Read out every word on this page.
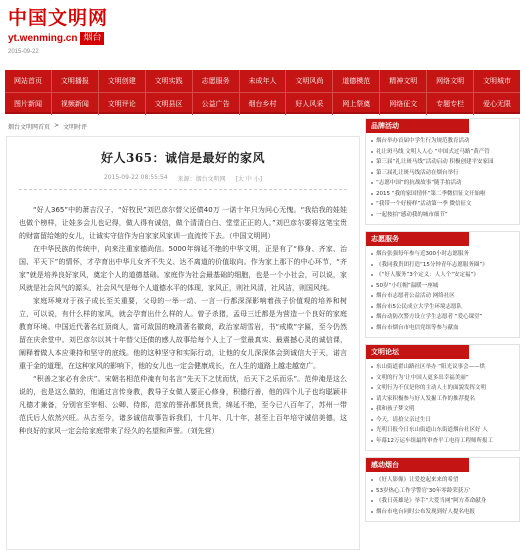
中国文明网
yt.wenming.cn 烟台
2015-09-22
网站首页	文明播报	文明创建	文明实践	志愿服务	未成年人	文明风尚	道德模范	精神文明	网络文明	文明城市
图片新闻	视频新闻	文明评论	文明县区	公益广告	烟台乡村	好人风采	网上祭奠	网络征文	专题专栏	爱心无限
烟台文明网首页 > 文明时评
好人365：诚信是最好的家风
2015-09-22 08:55:54 来源：烟台文明网 [大 中 小]

“好人365”中的萧吉汉子、“好牧民”刘巴彦尔替父还债40万 一诺十年只为问心无愧。“我给我的娃娃也做个榜样，让娃多会儿也记得，做人得有诚信，做个清清白白、堂堂正正的人。”刘巴彦尔要将这笔宝贵的财富留给她的女儿，让诚实守信作为自家家风家训一直流传下去。（中国文明网）

在中华民族的传统中，向来注重家德尚信。5000年绵延不绝的中华文明，正是有了“修身、齐家、治国、平天下”的情怀，才孕育出中华儿女齐不失义、达不离道的价值取向。作为家上那下的中心环节，“齐家”就是培养良好家风，奠定个人的道德基础。家庭作为社会最基础的细胞，也是一个小社会，可以说，家风就是社会风气的源头，社会风气是每个人道德水平的体现，家风正，则社风清，社风洁，则国风纯。

家庭环境对于孩子成长至关重要，父母的一举一动、一言一行都深深影响着孩子价值观的培养和树立，可以说，有什么样的家风，就会孕育出什么样的人。曾子杀猪，孟母三迁都是为营造一个良好的家庭教育环境。中国近代著名红顶商人，富可敌国的晚清著名徽商，政治家胡雪岩，书“戒欺”字匾，至今仍然留在庆余堂中。刘巴彦尔以其十年替父还债的感人故事给每个人上了一堂最真实、最震撼心灵的诚信课，阐释着做人本应秉持和坚守的底线。他的这种坚守和实际行动，让他的女儿深深体会到诚信大于天，诺言重于金的道理，在这种家风的影响下，他的女儿也一定会健康成长，在人生的道路上越走越宽广。

“积善之家必有余庆”。宋朝名相范仲淹有句名言“先天下之忧而忧，后天下之乐而乐”。范仲淹是这么说的，也是这么做的，他通过言传身教，教导子女做人要正心修身，积德行善，他的四个儿子也均聪颖非凡德才兼备，分别官至宰相、公卿、侍郎，范家的誉孙都贤良贵，绵延不绝，至今已八百年了，苏州一带范氏后人依然兴旺。从古至今，诸多诚信故事告诉我们，十几年、几十年，甚至上百年培守诚信美德，这种良好的家风一定会给家庭带来了经久的名望和声誉。（刘先营）

品牌活动
烟台举办首届中学生行为规范教育活动
礼让斑马线 文明人人心 “中国式过马路”黄产管
第三届“礼让斑马线”活动启动 积极创建平安家园
第三届礼让斑马线活动在烟台举行
“志愿中国”的抗战故事”随手拍活动
2015 “我的家国情怀”第二季微信征文开始啦
“我带一个好榜样”活动第一季 微信征文
一起按拍“感动我的城市细节”
志愿服务
烟台张强每年参与近300小时志愿服务
《我同我贵团打造“15分钟青年志愿服务圈”》
《“好人服务”3个定义：人人个“安定福”》
50岁“小红帽”温暖一座城
烟台市志愿者公益活动 网络社区
烟台市5公民成立大学生环境志愿队
烟台动防次警方设立学生志愿者 “爱心课堂”
烟台市烟台市电信党组等参与献血
文明论坛
东山街道翟山路社区举办 “阳光议事会——烘
文明的行为‘让中国人更多出幸福美丽”
文明行为不仅是你的主动人士的面貌发挥文明
请大家积极参与好人发掘工作的推荐提名
我和孩子梦文明
今天，请拾父亲过生日
光明日报今日东山街道山东街道烟台社区好 人
年幕12万运车组最终审查平工电待工程师所报工
感动烟台
《好人影像》让爱挖起来来的希望
53岁热心工作学警官‘30年零龄荣获万’
《我日英雄是》举手“大爱当网”阿方革命献身
烟台市电台同时公布发现到好人提名电报
